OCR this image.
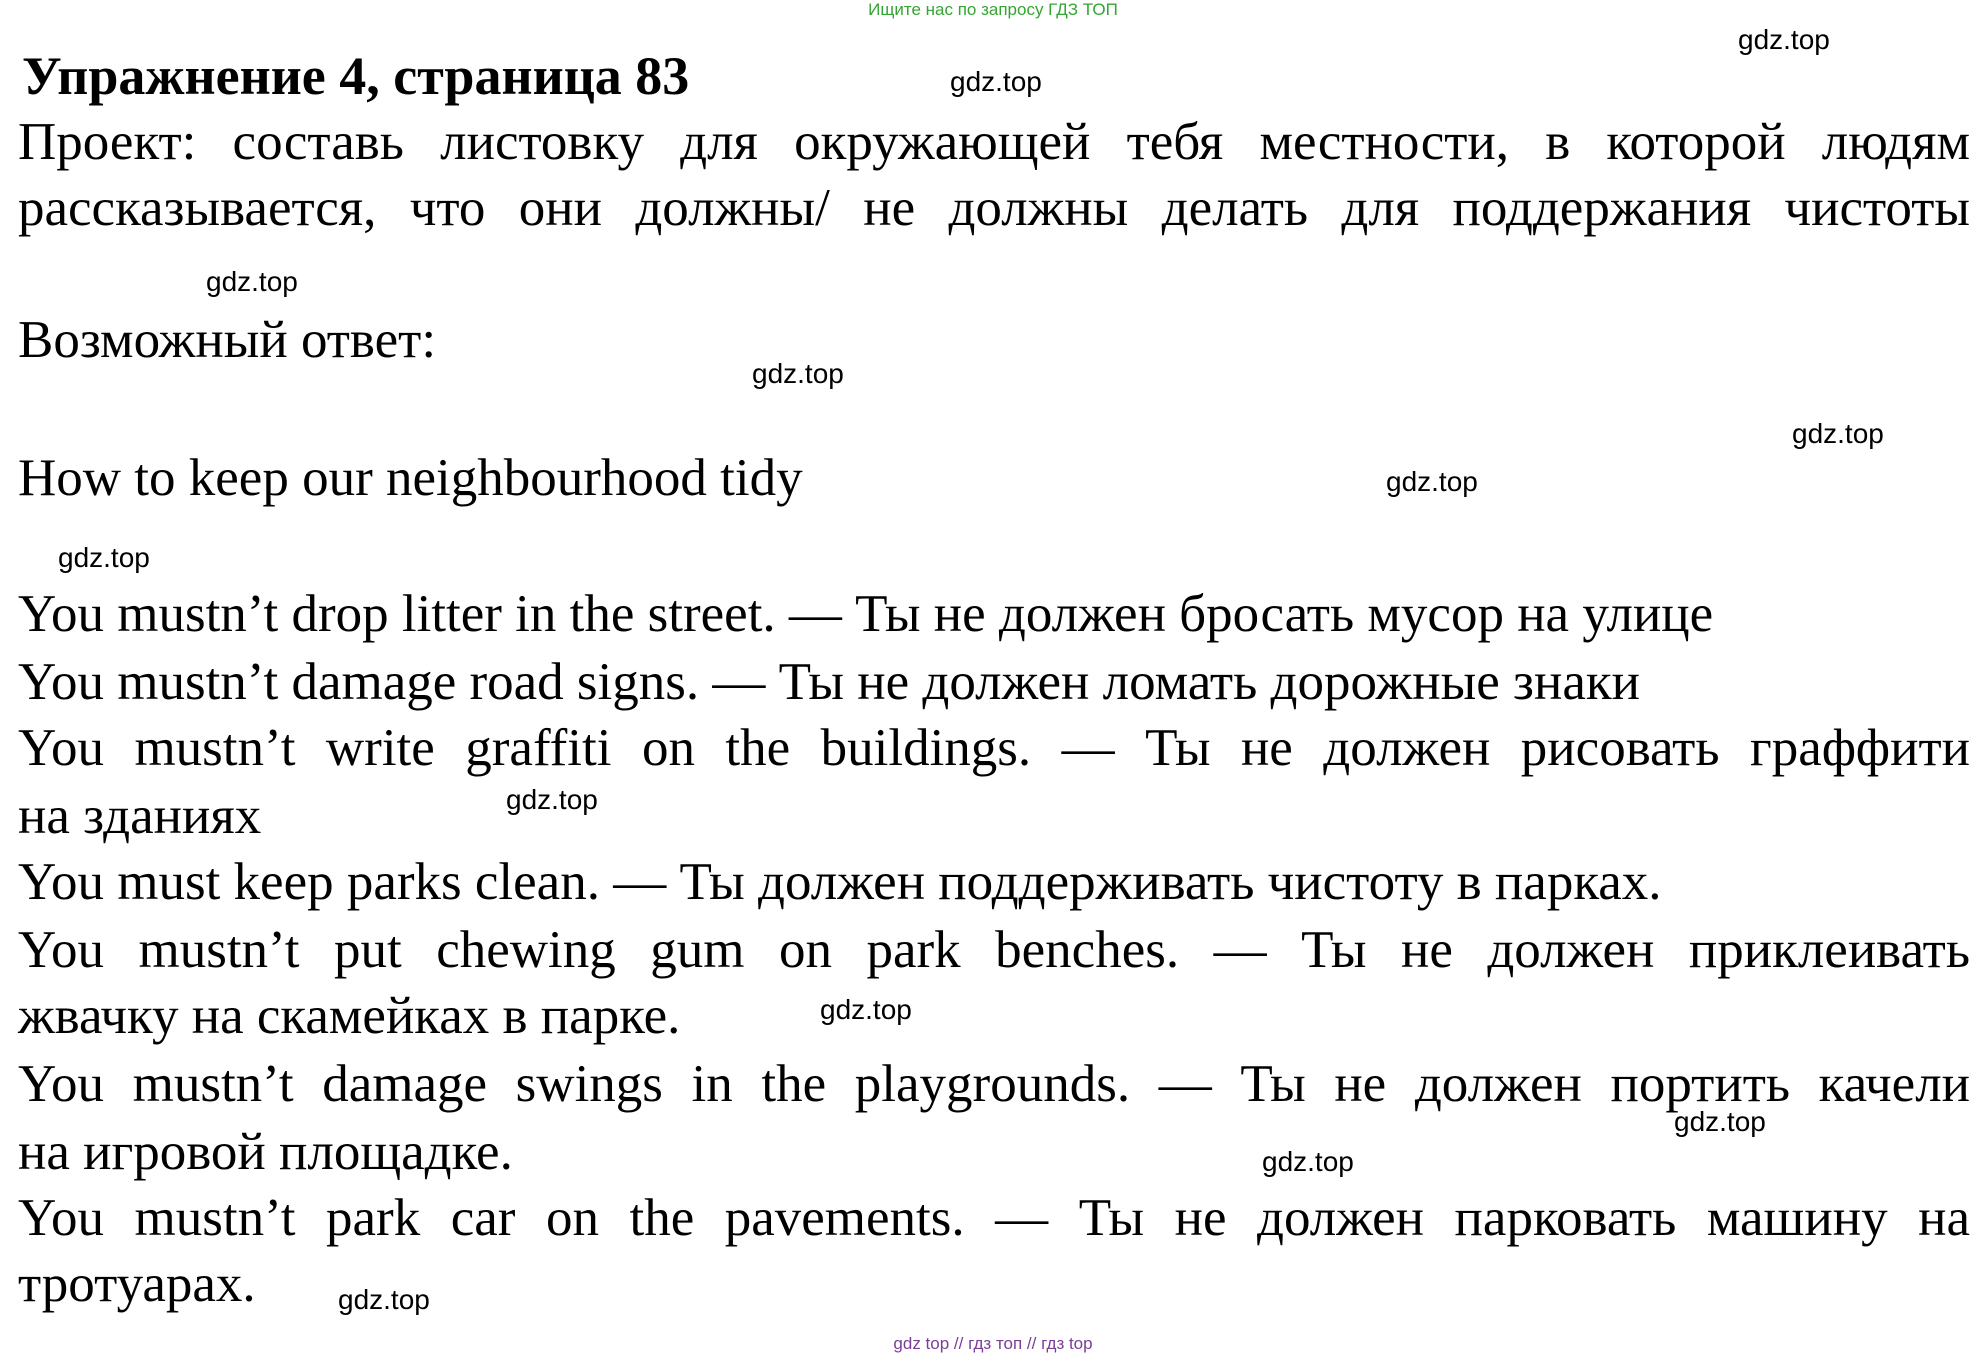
Ищите нас по запросу ГДЗ ТОП
Упражнение 4, страница 83
Проект: составь листовку для окружающей тебя местности, в которой людям
рассказывается, что они должны/ не должны делать для поддержания чистоты
Возможный ответ:
How to keep our neighbourhood tidy
You mustn’t drop litter in the street. — Ты не должен бросать мусор на улице
You mustn’t damage road signs. — Ты не должен ломать дорожные знаки
You mustn’t write graffiti on the buildings. — Ты не должен рисовать граффити
на зданиях
You must keep parks clean. — Ты должен поддерживать чистоту в парках.
You mustn’t put chewing gum on park benches. — Ты не должен приклеивать
жвачку на скамейках в парке.
You mustn’t damage swings in the playgrounds. — Ты не должен портить качели
на игровой площадке.
You mustn’t park car on the pavements. — Ты не должен парковать машину на
тротуарах.
gdz.top
gdz.top
gdz.top
gdz.top
gdz.top
gdz.top
gdz.top
gdz.top
gdz.top
gdz.top
gdz.top
gdz.top
gdz top // гдз топ // гдз top
